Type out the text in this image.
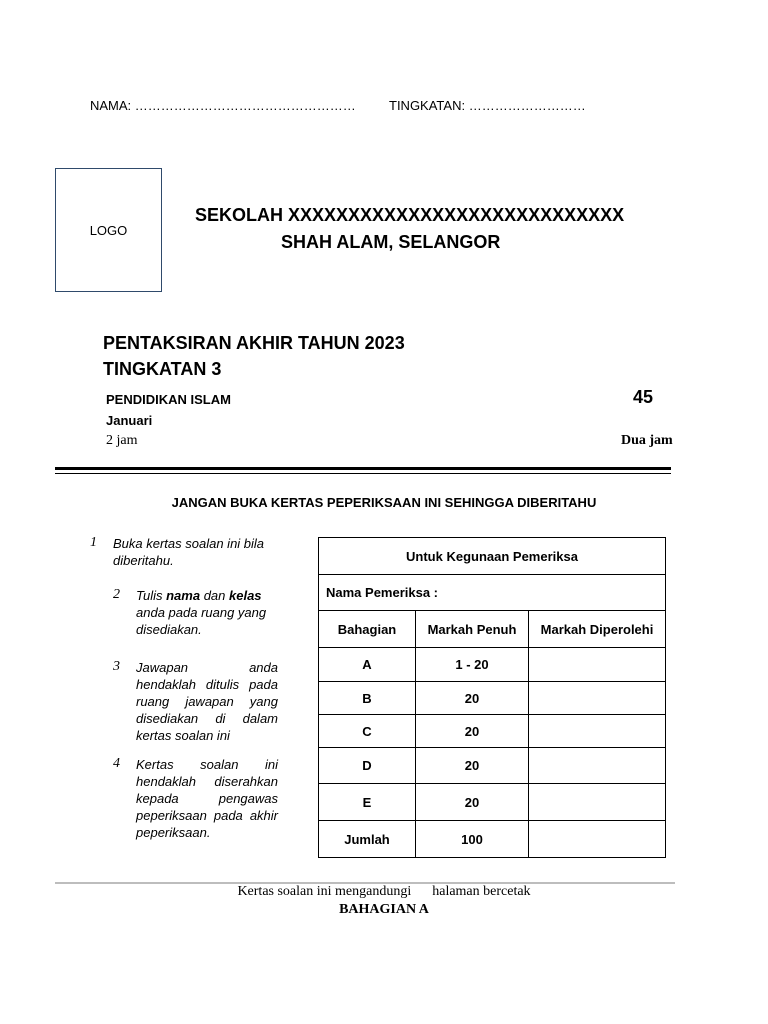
NAMA: ……………………………………………	TINGKATAN: ………………………
LOGO
SEKOLAH XXXXXXXXXXXXXXXXXXXXXXXXXXXX
SHAH ALAM, SELANGOR
PENTAKSIRAN AKHIR TAHUN 2023
TINGKATAN 3
PENDIDIKAN ISLAM	45
Januari
2 jam	Dua jam
JANGAN BUKA KERTAS PEPERIKSAAN INI SEHINGGA DIBERITAHU
1 Buka kertas soalan ini bila diberitahu.
2 Tulis nama dan kelas anda pada ruang yang disediakan.
3 Jawapan anda hendaklah ditulis pada ruang jawapan yang disediakan di dalam kertas soalan ini
4 Kertas soalan ini hendaklah diserahkan kepada pengawas peperiksaan pada akhir peperiksaan.
Untuk Kegunaan Pemeriksa		
Nama Pemeriksa :		
Bahagian	Markah Penuh	Markah Diperolehi
A	1 - 20	
B	20	
C	20	
D	20	
E	20	
Jumlah	100	
Kertas soalan ini mengandungi      halaman bercetak
BAHAGIAN A
